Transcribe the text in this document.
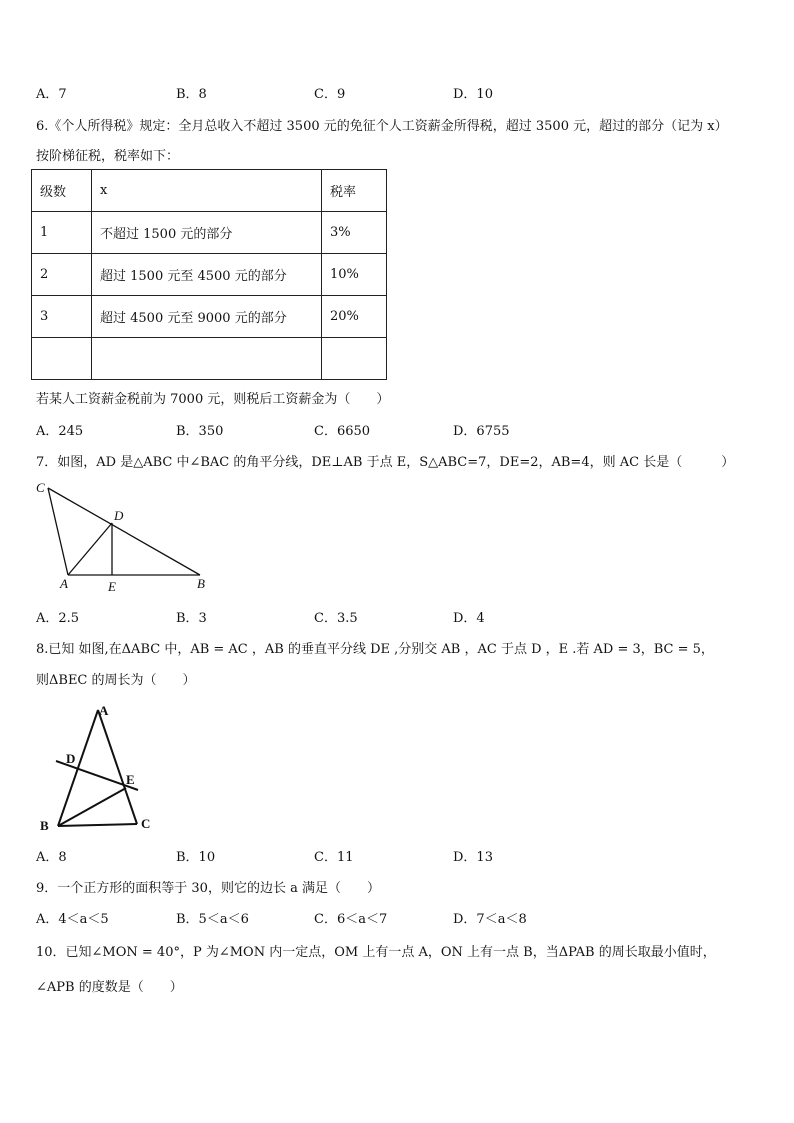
A．7	B．8	C．9	D．10
6.《个人所得税》规定：全月总收入不超过 3500 元的免征个人工资薪金所得税，超过 3500 元，超过的部分（记为 x）
按阶梯征税，税率如下：
级数	x	税率
1	不超过 1500 元的部分	3%
2	超过 1500 元至 4500 元的部分	10%
3	超过 4500 元至 9000 元的部分	20%

若某人工资薪金税前为 7000 元，则税后工资薪金为（　　）
A．245	B．350	C．6650	D．6755
7．如图，AD 是△ABC 中∠BAC 的角平分线，DE⊥AB 于点 E，S△ABC=7，DE=2，AB=4，则 AC 长是（　　　）
C
D
A	E	B
A．2.5	B．3	C．3.5	D．4
8.已知 如图,在ΔABC 中，AB = AC ，AB 的垂直平分线 DE ,分别交 AB ，AC 于点 D ，E .若 AD = 3，BC = 5，
则ΔBEC 的周长为（　　）
A
D
E
B	C
A．8	B．10	C．11	D．13
9．一个正方形的面积等于 30，则它的边长 a 满足（　　）
A．4＜a＜5	B．5＜a＜6	C．6＜a＜7	D．7＜a＜8
10．已知∠MON = 40°，P 为∠MON 内一定点，OM 上有一点 A，ON 上有一点 B，当ΔPAB 的周长取最小值时，
∠APB 的度数是（　　）
